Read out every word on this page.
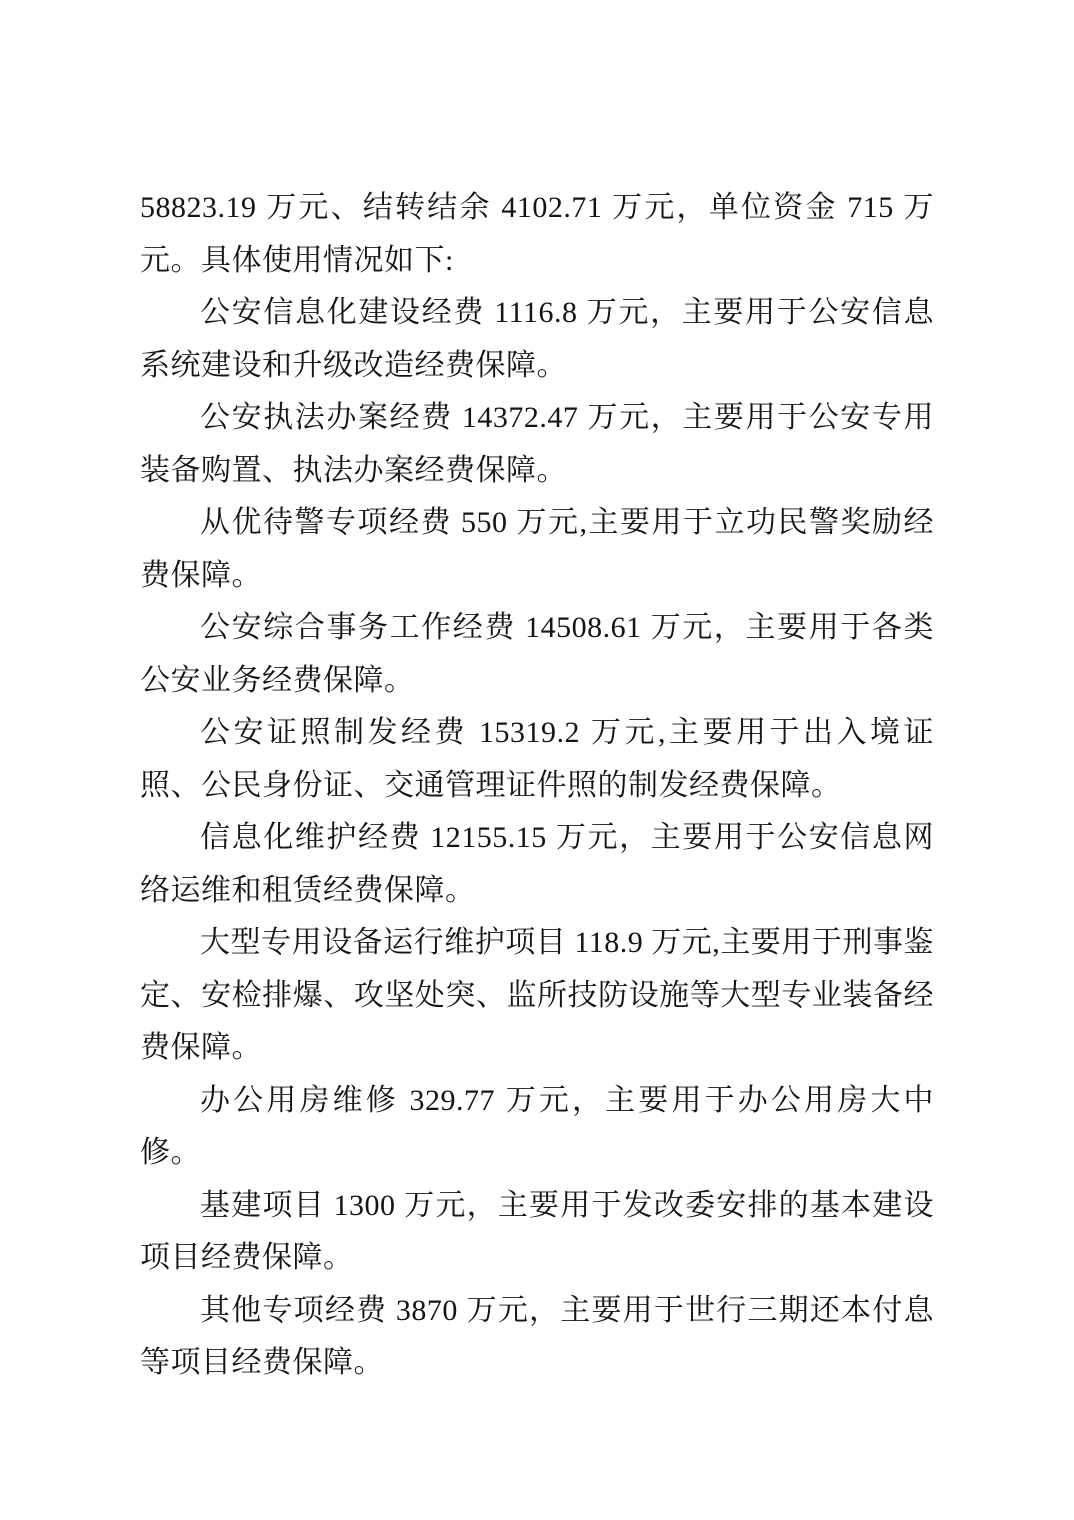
58823.19 万元、结转结余 4102.71 万元，单位资金 715 万元。具体使用情况如下:

公安信息化建设经费 1116.8 万元，主要用于公安信息系统建设和升级改造经费保障。

公安执法办案经费 14372.47 万元，主要用于公安专用装备购置、执法办案经费保障。

从优待警专项经费 550 万元,主要用于立功民警奖励经费保障。

公安综合事务工作经费 14508.61 万元，主要用于各类公安业务经费保障。

公安证照制发经费 15319.2 万元,主要用于出入境证照、公民身份证、交通管理证件照的制发经费保障。

信息化维护经费 12155.15 万元，主要用于公安信息网络运维和租赁经费保障。

大型专用设备运行维护项目 118.9 万元,主要用于刑事鉴定、安检排爆、攻坚处突、监所技防设施等大型专业装备经费保障。

办公用房维修 329.77 万元，主要用于办公用房大中修。

基建项目 1300 万元，主要用于发改委安排的基本建设项目经费保障。

其他专项经费 3870 万元，主要用于世行三期还本付息等项目经费保障。
